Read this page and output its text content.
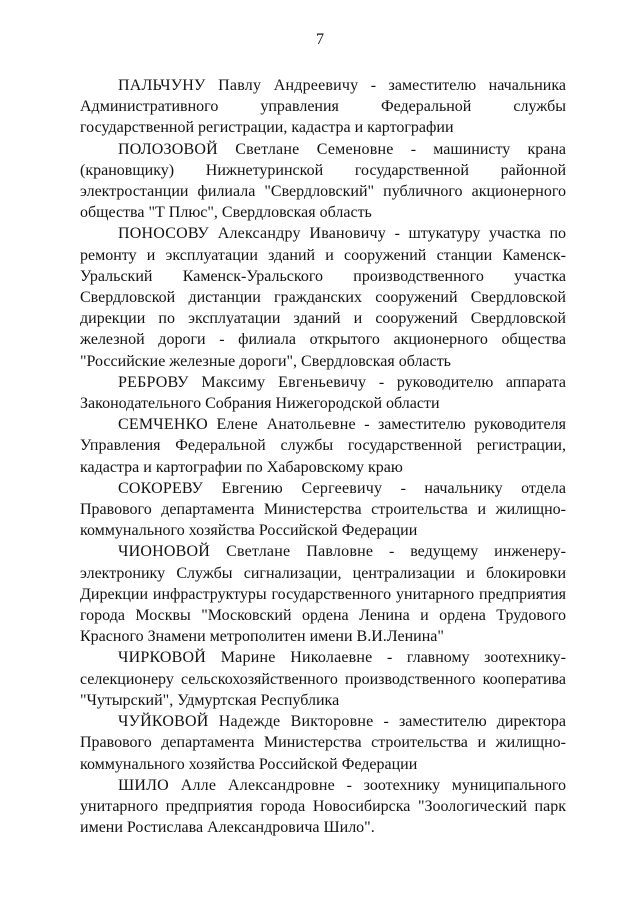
7

ПАЛЬЧУНУ Павлу Андреевичу - заместителю начальника Административного управления Федеральной службы государственной регистрации, кадастра и картографии

ПОЛОЗОВОЙ Светлане Семеновне - машинисту крана (крановщику) Нижнетуринской государственной районной электростанции филиала "Свердловский" публичного акционерного общества "Т Плюс", Свердловская область

ПОНОСОВУ Александру Ивановичу - штукатуру участка по ремонту и эксплуатации зданий и сооружений станции Каменск-Уральский Каменск-Уральского производственного участка Свердловской дистанции гражданских сооружений Свердловской дирекции по эксплуатации зданий и сооружений Свердловской железной дороги - филиала открытого акционерного общества "Российские железные дороги", Свердловская область

РЕБРОВУ Максиму Евгеньевичу - руководителю аппарата Законодательного Собрания Нижегородской области

СЕМЧЕНКО Елене Анатольевне - заместителю руководителя Управления Федеральной службы государственной регистрации, кадастра и картографии по Хабаровскому краю

СОКОРЕВУ Евгению Сергеевичу - начальнику отдела Правового департамента Министерства строительства и жилищно-коммунального хозяйства Российской Федерации

ЧИОНОВОЙ Светлане Павловне - ведущему инженеру-электронику Службы сигнализации, централизации и блокировки Дирекции инфраструктуры государственного унитарного предприятия города Москвы "Московский ордена Ленина и ордена Трудового Красного Знамени метрополитен имени В.И.Ленина"

ЧИРКОВОЙ Марине Николаевне - главному зоотехнику-селекционеру сельскохозяйственного производственного кооператива "Чутырский", Удмуртская Республика

ЧУЙКОВОЙ Надежде Викторовне - заместителю директора Правового департамента Министерства строительства и жилищно-коммунального хозяйства Российской Федерации

ШИЛО Алле Александровне - зоотехнику муниципального унитарного предприятия города Новосибирска "Зоологический парк имени Ростислава Александровича Шило".
